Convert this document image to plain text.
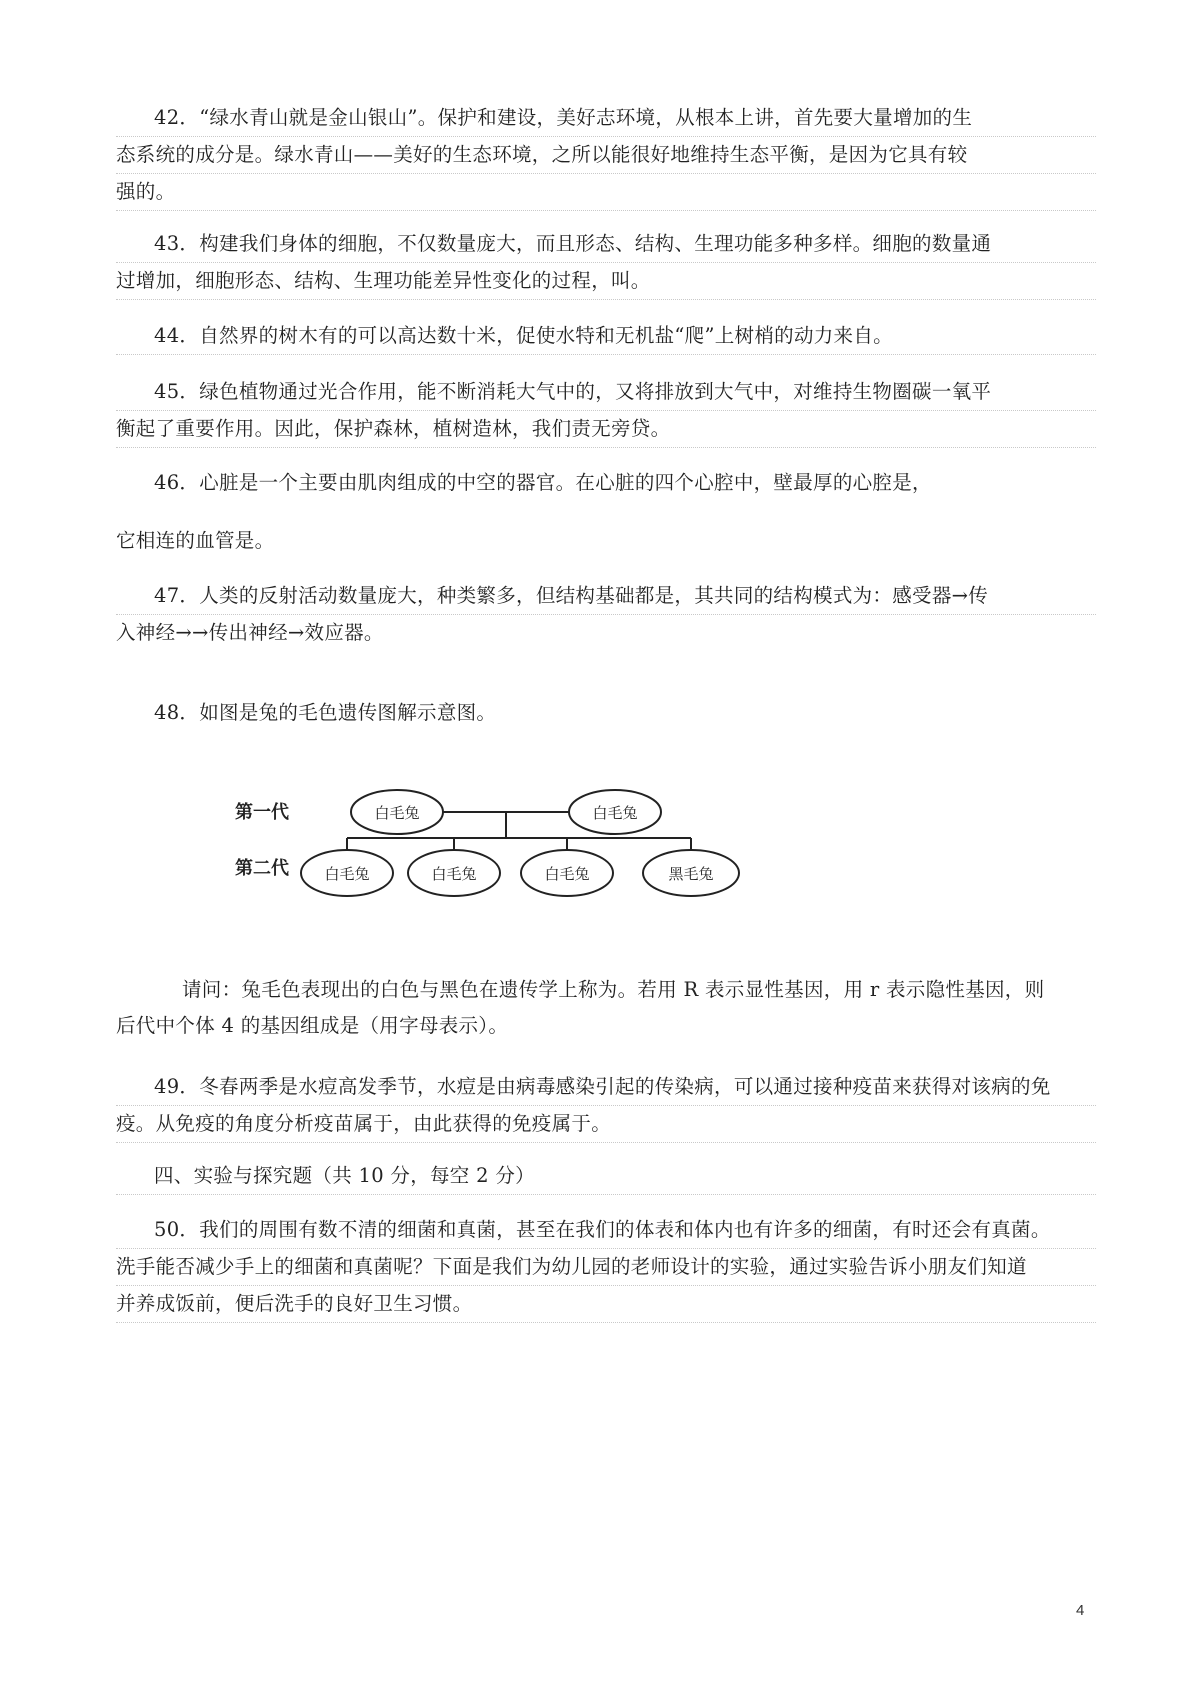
42．“绿水青山就是金山银山”。保护和建设，美好志环境，从根本上讲，首先要大量增加的生
态系统的成分是。绿水青山——美好的生态环境，之所以能很好地维持生态平衡，是因为它具有较
强的。
43．构建我们身体的细胞，不仅数量庞大，而且形态、结构、生理功能多种多样。细胞的数量通
过增加，细胞形态、结构、生理功能差异性变化的过程，叫。
44．自然界的树木有的可以高达数十米，促使水特和无机盐“爬”上树梢的动力来自。
45．绿色植物通过光合作用，能不断消耗大气中的，又将排放到大气中，对维持生物圈碳一氧平
衡起了重要作用。因此，保护森林，植树造林，我们责无旁贷。
46．心脏是一个主要由肌肉组成的中空的器官。在心脏的四个心腔中，壁最厚的心腔是，
它相连的血管是。
47．人类的反射活动数量庞大，种类繁多，但结构基础都是，其共同的结构模式为：感受器→传
入神经→→传出神经→效应器。
48．如图是兔的毛色遗传图解示意图。
第一代
第二代
白毛兔	白毛兔
白毛兔	白毛兔	白毛兔	黑毛兔
请问：兔毛色表现出的白色与黑色在遗传学上称为。若用 R 表示显性基因，用 r 表示隐性基因，则
后代中个体 4 的基因组成是（用字母表示）。
49．冬春两季是水痘高发季节，水痘是由病毒感染引起的传染病，可以通过接种疫苗来获得对该病的免
疫。从免疫的角度分析疫苗属于，由此获得的免疫属于。
四、实验与探究题（共 10 分，每空 2 分）
50．我们的周围有数不清的细菌和真菌，甚至在我们的体表和体内也有许多的细菌，有时还会有真菌。
洗手能否减少手上的细菌和真菌呢？下面是我们为幼儿园的老师设计的实验，通过实验告诉小朋友们知道
并养成饭前，便后洗手的良好卫生习惯。
4
